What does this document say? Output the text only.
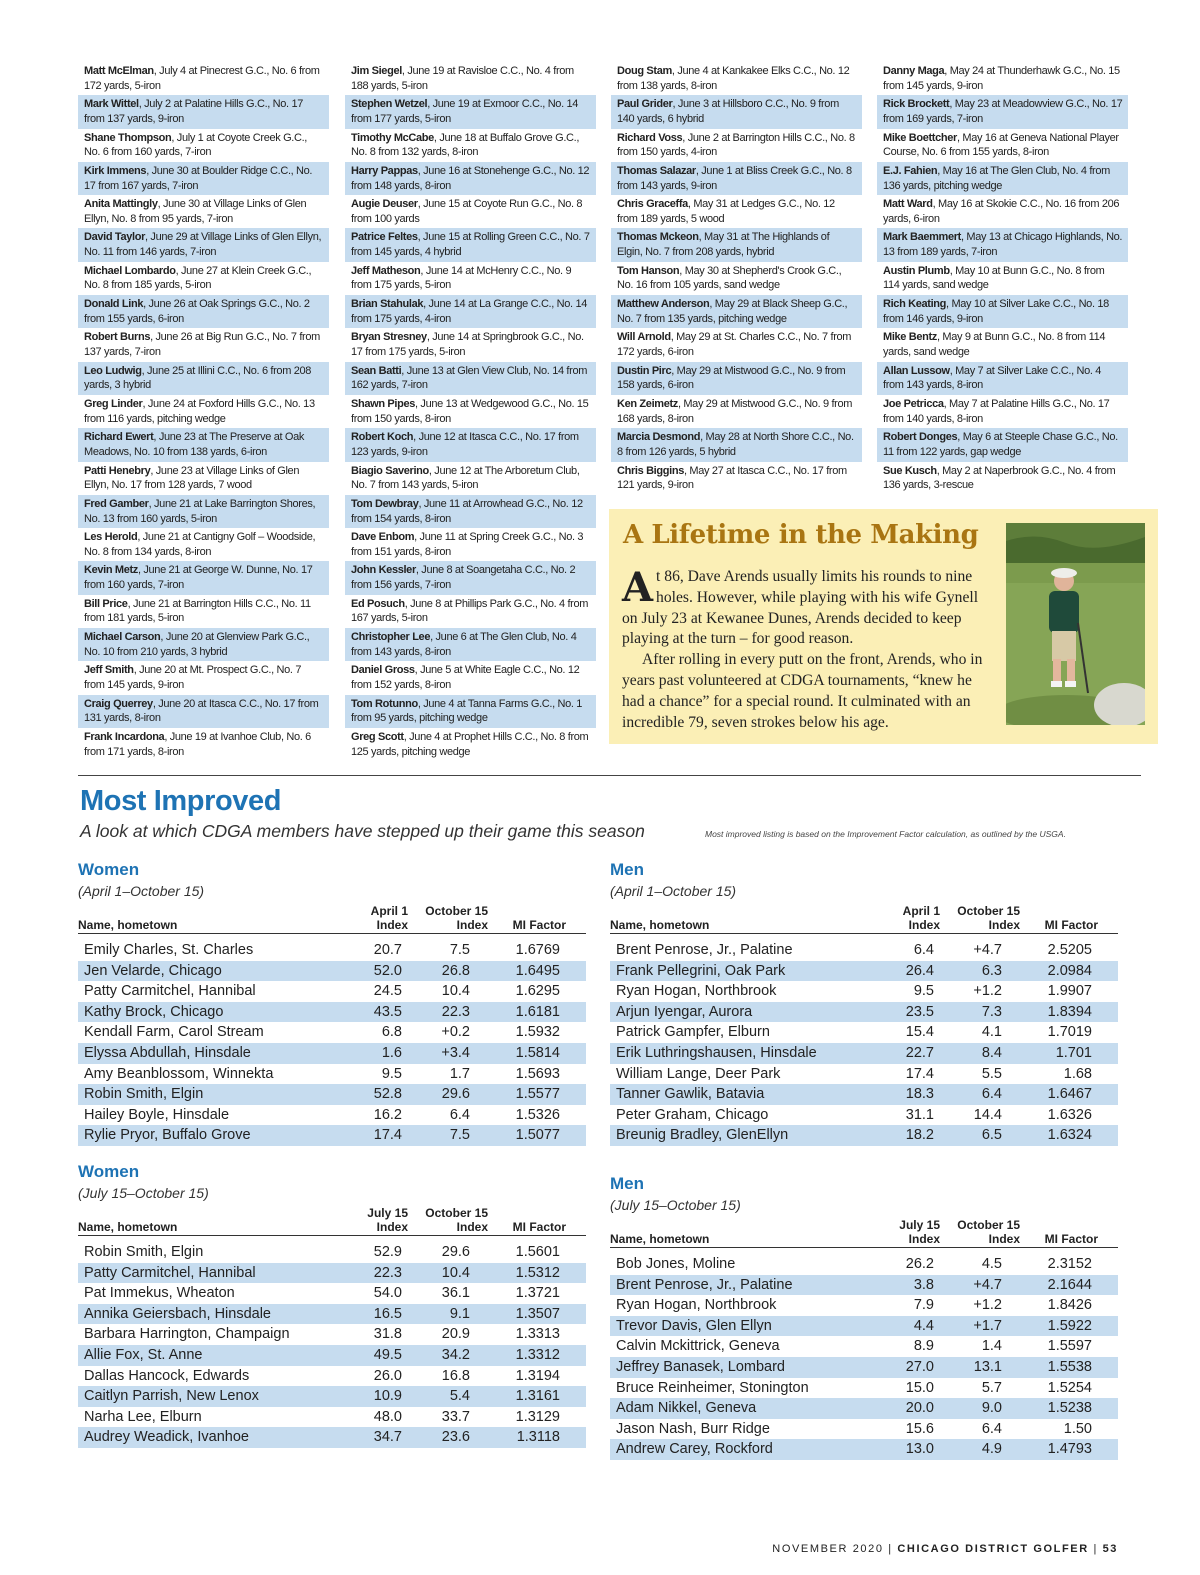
Matt McElman, July 4 at Pinecrest G.C., No. 6 from 172 yards, 5-iron
Mark Wittel, July 2 at Palatine Hills G.C., No. 17 from 137 yards, 9-iron
Shane Thompson, July 1 at Coyote Creek G.C., No. 6 from 160 yards, 7-iron
Kirk Immens, June 30 at Boulder Ridge C.C., No. 17 from 167 yards, 7-iron
Anita Mattingly, June 30 at Village Links of Glen Ellyn, No. 8 from 95 yards, 7-iron
David Taylor, June 29 at Village Links of Glen Ellyn, No. 11 from 146 yards, 7-iron
Michael Lombardo, June 27 at Klein Creek G.C., No. 8 from 185 yards, 5-iron
Donald Link, June 26 at Oak Springs G.C., No. 2 from 155 yards, 6-iron
Robert Burns, June 26 at Big Run G.C., No. 7 from 137 yards, 7-iron
Leo Ludwig, June 25 at Illini C.C., No. 6 from 208 yards, 3 hybrid
Greg Linder, June 24 at Foxford Hills G.C., No. 13 from 116 yards, pitching wedge
Richard Ewert, June 23 at The Preserve at Oak Meadows, No. 10 from 138 yards, 6-iron
Patti Henebry, June 23 at Village Links of Glen Ellyn, No. 17 from 128 yards, 7 wood
Fred Gamber, June 21 at Lake Barrington Shores, No. 13 from 160 yards, 5-iron
Les Herold, June 21 at Cantigny Golf – Woodside, No. 8 from 134 yards, 8-iron
Kevin Metz, June 21 at George W. Dunne, No. 17 from 160 yards, 7-iron
Bill Price, June 21 at Barrington Hills C.C., No. 11 from 181 yards, 5-iron
Michael Carson, June 20 at Glenview Park G.C., No. 10 from 210 yards, 3 hybrid
Jeff Smith, June 20 at Mt. Prospect G.C., No. 7 from 145 yards, 9-iron
Craig Querrey, June 20 at Itasca C.C., No. 17 from 131 yards, 8-iron
Frank Incardona, June 19 at Ivanhoe Club, No. 6 from 171 yards, 8-iron
Jim Siegel, June 19 at Ravisloe C.C., No. 4 from 188 yards, 5-iron
Stephen Wetzel, June 19 at Exmoor C.C., No. 14 from 177 yards, 5-iron
Timothy McCabe, June 18 at Buffalo Grove G.C., No. 8 from 132 yards, 8-iron
Harry Pappas, June 16 at Stonehenge G.C., No. 12 from 148 yards, 8-iron
Augie Deuser, June 15 at Coyote Run G.C., No. 8 from 100 yards
Patrice Feltes, June 15 at Rolling Green C.C., No. 7 from 145 yards, 4 hybrid
Jeff Matheson, June 14 at McHenry C.C., No. 9 from 175 yards, 5-iron
Brian Stahulak, June 14 at La Grange C.C., No. 14 from 175 yards, 4-iron
Bryan Stresney, June 14 at Springbrook G.C., No. 17 from 175 yards, 5-iron
Sean Batti, June 13 at Glen View Club, No. 14 from 162 yards, 7-iron
Shawn Pipes, June 13 at Wedgewood G.C., No. 15 from 150 yards, 8-iron
Robert Koch, June 12 at Itasca C.C., No. 17 from 123 yards, 9-iron
Biagio Saverino, June 12 at The Arboretum Club, No. 7 from 143 yards, 5-iron
Tom Dewbray, June 11 at Arrowhead G.C., No. 12 from 154 yards, 8-iron
Dave Enbom, June 11 at Spring Creek G.C., No. 3 from 151 yards, 8-iron
John Kessler, June 8 at Soangetaha C.C., No. 2 from 156 yards, 7-iron
Ed Posuch, June 8 at Phillips Park G.C., No. 4 from 167 yards, 5-iron
Christopher Lee, June 6 at The Glen Club, No. 4 from 143 yards, 8-iron
Daniel Gross, June 5 at White Eagle C.C., No. 12 from 152 yards, 8-iron
Tom Rotunno, June 4 at Tanna Farms G.C., No. 1 from 95 yards, pitching wedge
Greg Scott, June 4 at Prophet Hills C.C., No. 8 from 125 yards, pitching wedge
Doug Stam, June 4 at Kankakee Elks C.C., No. 12 from 138 yards, 8-iron
Paul Grider, June 3 at Hillsboro C.C., No. 9 from 140 yards, 6 hybrid
Richard Voss, June 2 at Barrington Hills C.C., No. 8 from 150 yards, 4-iron
Thomas Salazar, June 1 at Bliss Creek G.C., No. 8 from 143 yards, 9-iron
Chris Graceffa, May 31 at Ledges G.C., No. 12 from 189 yards, 5 wood
Thomas Mckeon, May 31 at The Highlands of Elgin, No. 7 from 208 yards, hybrid
Tom Hanson, May 30 at Shepherd's Crook G.C., No. 16 from 105 yards, sand wedge
Matthew Anderson, May 29 at Black Sheep G.C., No. 7 from 135 yards, pitching wedge
Will Arnold, May 29 at St. Charles C.C., No. 7 from 172 yards, 6-iron
Dustin Pirc, May 29 at Mistwood G.C., No. 9 from 158 yards, 6-iron
Ken Zeimetz, May 29 at Mistwood G.C., No. 9 from 168 yards, 8-iron
Marcia Desmond, May 28 at North Shore C.C., No. 8 from 126 yards, 5 hybrid
Chris Biggins, May 27 at Itasca C.C., No. 17 from 121 yards, 9-iron
Danny Maga, May 24 at Thunderhawk G.C., No. 15 from 145 yards, 9-iron
Rick Brockett, May 23 at Meadowview G.C., No. 17 from 169 yards, 7-iron
Mike Boettcher, May 16 at Geneva National Player Course, No. 6 from 155 yards, 8-iron
E.J. Fahien, May 16 at The Glen Club, No. 4 from 136 yards, pitching wedge
Matt Ward, May 16 at Skokie C.C., No. 16 from 206 yards, 6-iron
Mark Baemmert, May 13 at Chicago Highlands, No. 13 from 189 yards, 7-iron
Austin Plumb, May 10 at Bunn G.C., No. 8 from 114 yards, sand wedge
Rich Keating, May 10 at Silver Lake C.C., No. 18 from 146 yards, 9-iron
Mike Bentz, May 9 at Bunn G.C., No. 8 from 114 yards, sand wedge
Allan Lussow, May 7 at Silver Lake C.C., No. 4 from 143 yards, 8-iron
Joe Petricca, May 7 at Palatine Hills G.C., No. 17 from 140 yards, 8-iron
Robert Donges, May 6 at Steeple Chase G.C., No. 11 from 122 yards, gap wedge
Sue Kusch, May 2 at Naperbrook G.C., No. 4 from 136 yards, 3-rescue
A Lifetime in the Making

At 86, Dave Arends usually limits his rounds to nine holes. However, while playing with his wife Gynell on July 23 at Kewanee Dunes, Arends decided to keep playing at the turn – for good reason.

After rolling in every putt on the front, Arends, who in years past volunteered at CDGA tournaments, “knew he had a chance” for a special round. It culminated with an incredible 79, seven strokes below his age.

Most Improved
A look at which CDGA members have stepped up their game this season	Most improved listing is based on the Improvement Factor calculation, as outlined by the USGA.
Women
(April 1–October 15)
Name, hometown
April 1
Index
October 15
Index	MI Factor
Emily Charles, St. Charles	20.7	7.5	1.6769
Jen Velarde, Chicago	52.0	26.8	1.6495
Patty Carmitchel, Hannibal	24.5	10.4	1.6295
Kathy Brock, Chicago	43.5	22.3	1.6181
Kendall Farm, Carol Stream	6.8	+0.2	1.5932
Elyssa Abdullah, Hinsdale	1.6	+3.4	1.5814
Amy Beanblossom, Winnekta	9.5	1.7	1.5693
Robin Smith, Elgin	52.8	29.6	1.5577
Hailey Boyle, Hinsdale	16.2	6.4	1.5326
Rylie Pryor, Buffalo Grove	17.4	7.5	1.5077
Men
(April 1–October 15)
Name, hometown
April 1
Index
October 15
Index	MI Factor
Brent Penrose, Jr., Palatine	6.4	+4.7	2.5205
Frank Pellegrini, Oak Park	26.4	6.3	2.0984
Ryan Hogan, Northbrook	9.5	+1.2	1.9907
Arjun Iyengar, Aurora	23.5	7.3	1.8394
Patrick Gampfer, Elburn	15.4	4.1	1.7019
Erik Luthringshausen, Hinsdale	22.7	8.4	1.701
William Lange, Deer Park	17.4	5.5	1.68
Tanner Gawlik, Batavia	18.3	6.4	1.6467
Peter Graham, Chicago	31.1	14.4	1.6326
Breunig Bradley, GlenEllyn	18.2	6.5	1.6324
Women
(July 15–October 15)
Name, hometown
July 15
Index
October 15
Index	MI Factor
Robin Smith, Elgin	52.9	29.6	1.5601
Patty Carmitchel, Hannibal	22.3	10.4	1.5312
Pat Immekus, Wheaton	54.0	36.1	1.3721
Annika Geiersbach, Hinsdale	16.5	9.1	1.3507
Barbara Harrington, Champaign	31.8	20.9	1.3313
Allie Fox, St. Anne	49.5	34.2	1.3312
Dallas Hancock, Edwards	26.0	16.8	1.3194
Caitlyn Parrish, New Lenox	10.9	5.4	1.3161
Narha Lee, Elburn	48.0	33.7	1.3129
Audrey Weadick, Ivanhoe	34.7	23.6	1.3118
Men
(July 15–October 15)
Name, hometown
July 15
Index
October 15
Index	MI Factor
Bob Jones, Moline	26.2	4.5	2.3152
Brent Penrose, Jr., Palatine	3.8	+4.7	2.1644
Ryan Hogan, Northbrook	7.9	+1.2	1.8426
Trevor Davis, Glen Ellyn	4.4	+1.7	1.5922
Calvin Mckittrick, Geneva	8.9	1.4	1.5597
Jeffrey Banasek, Lombard	27.0	13.1	1.5538
Bruce Reinheimer, Stonington	15.0	5.7	1.5254
Adam Nikkel, Geneva	20.0	9.0	1.5238
Jason Nash, Burr Ridge	15.6	6.4	1.50
Andrew Carey, Rockford	13.0	4.9	1.4793
NOVEMBER 2020 | CHICAGO DISTRICT GOLFER | 53
